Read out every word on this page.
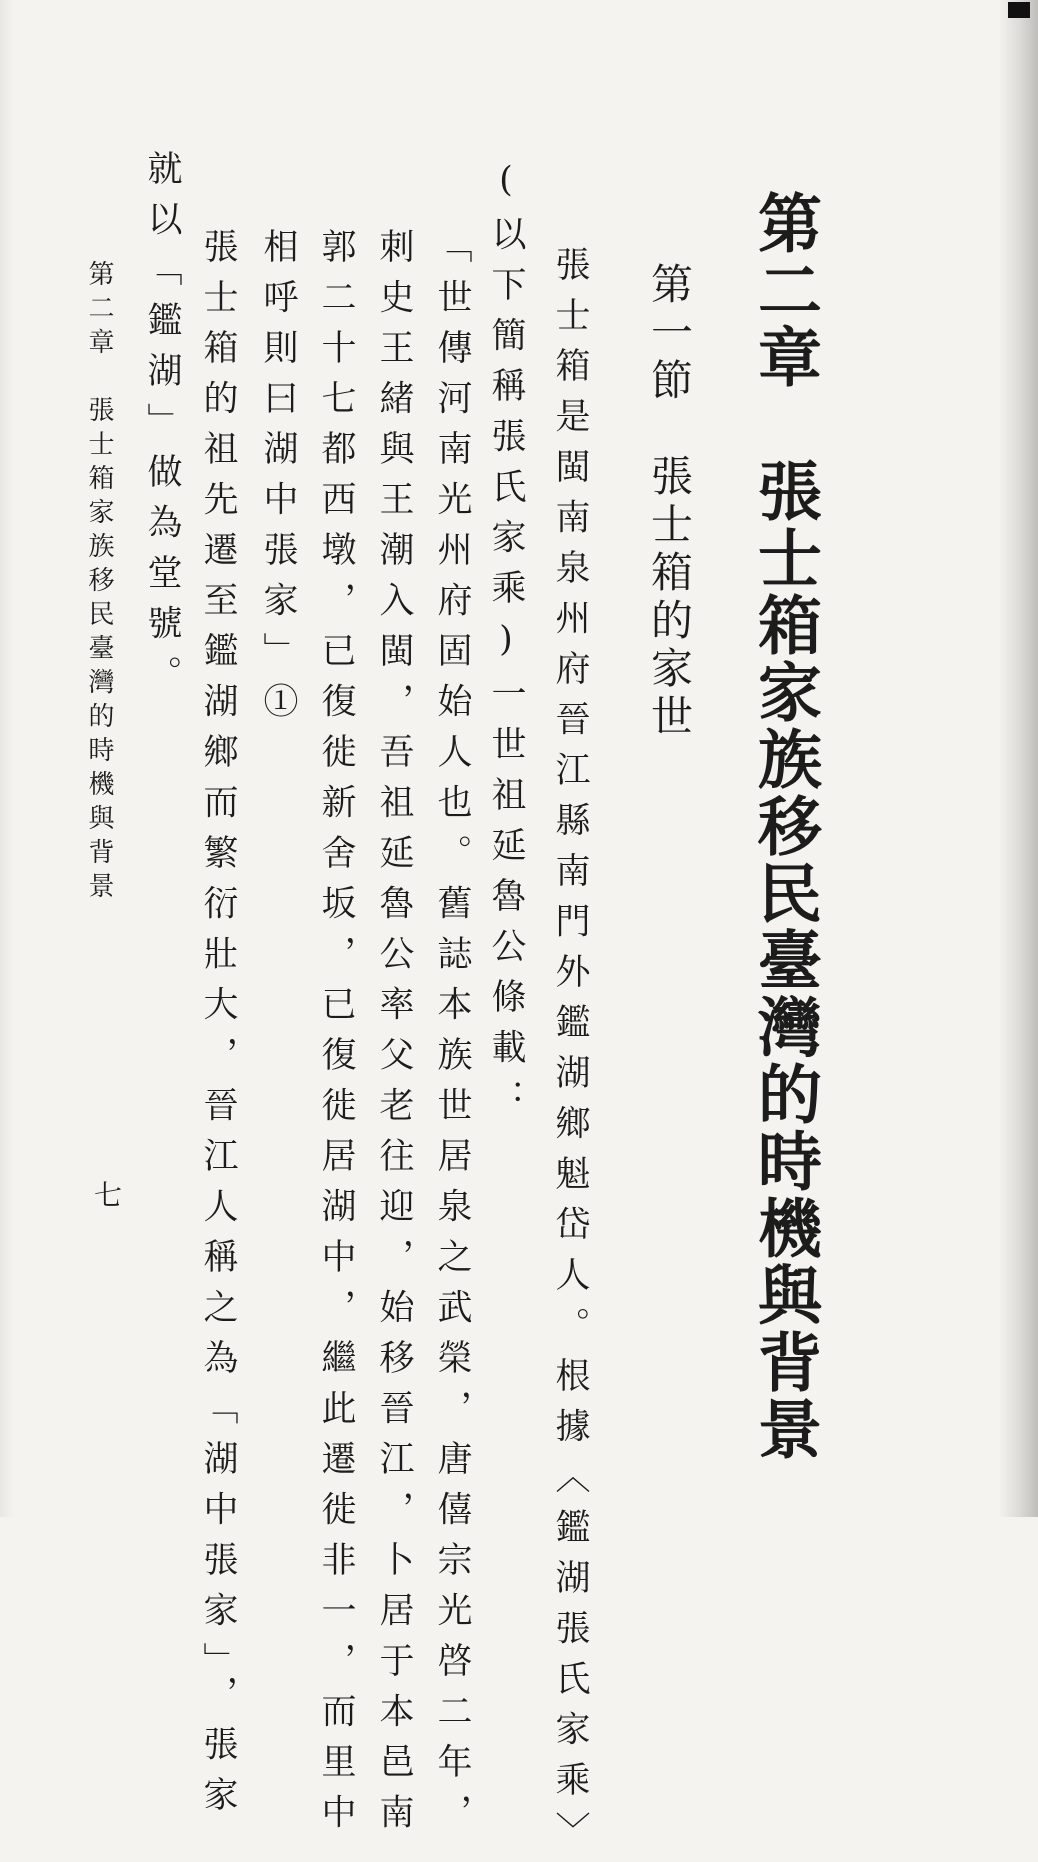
第二章　張士箱家族移民臺灣的時機與背景
第一節　張士箱的家世
張士箱是閩南泉州府晉江縣南門外鑑湖鄉魁岱人。根據〈鑑湖張氏家乘〉
(以下簡稱張氏家乘)一世祖延魯公條載：
「世傳河南光州府固始人也。舊誌本族世居泉之武榮，唐僖宗光啓二年，
刺史王緒與王潮入閩，吾祖延魯公率父老往迎，始移晉江，卜居于本邑南
郭二十七都西墩，已復徙新舍坂，已復徙居湖中，繼此遷徙非一，而里中
相呼則曰湖中張家」①
張士箱的祖先遷至鑑湖鄉而繁衍壯大，晉江人稱之為「湖中張家」，張家
就以「鑑湖」做為堂號。
第二章　張士箱家族移民臺灣的時機與背景
七
